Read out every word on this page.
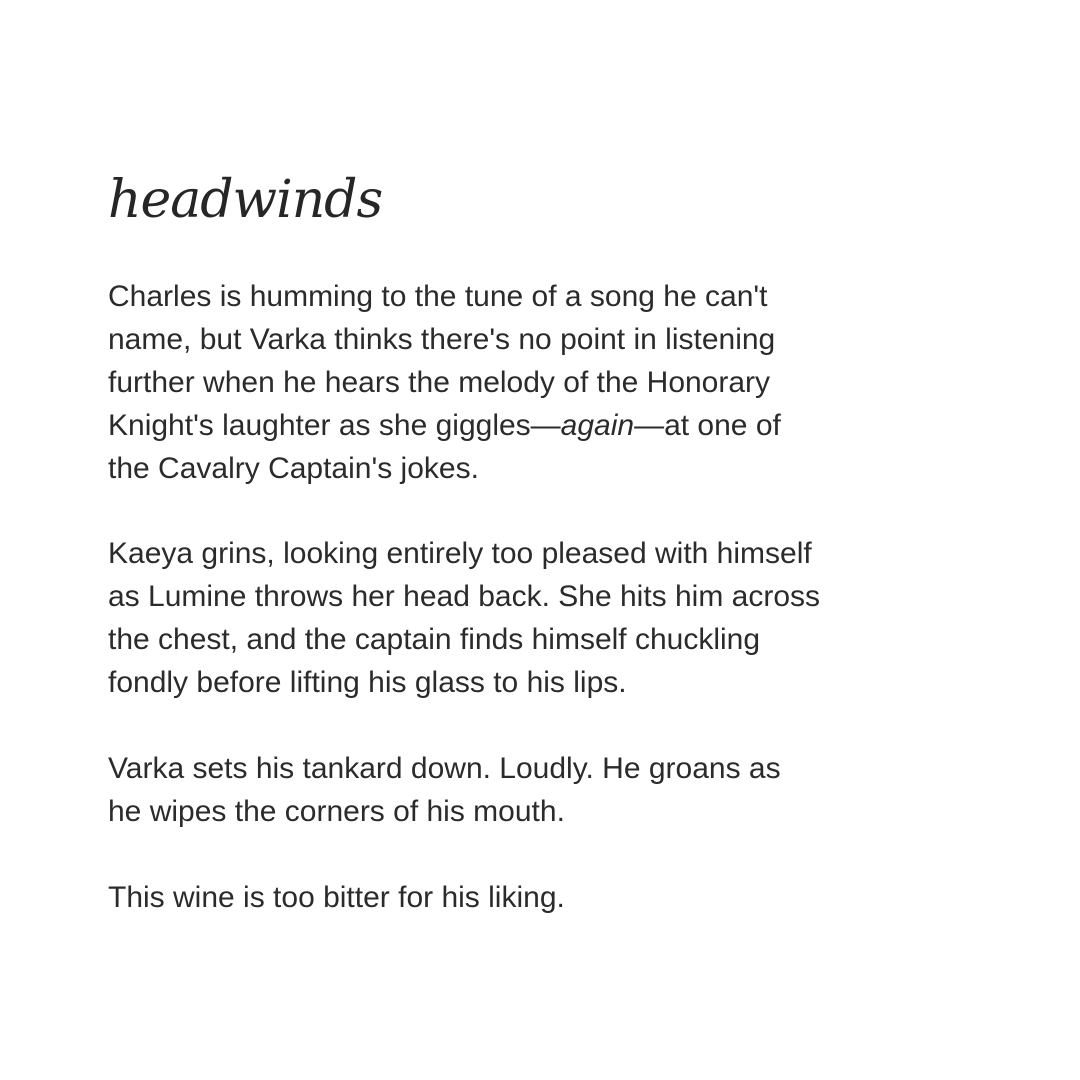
headwinds

Charles is humming to the tune of a song he can't
name, but Varka thinks there's no point in listening
further when he hears the melody of the Honorary
Knight's laughter as she giggles—again—at one of
the Cavalry Captain's jokes.

Kaeya grins, looking entirely too pleased with himself
as Lumine throws her head back. She hits him across
the chest, and the captain finds himself chuckling
fondly before lifting his glass to his lips.

Varka sets his tankard down. Loudly. He groans as
he wipes the corners of his mouth.

This wine is too bitter for his liking.
